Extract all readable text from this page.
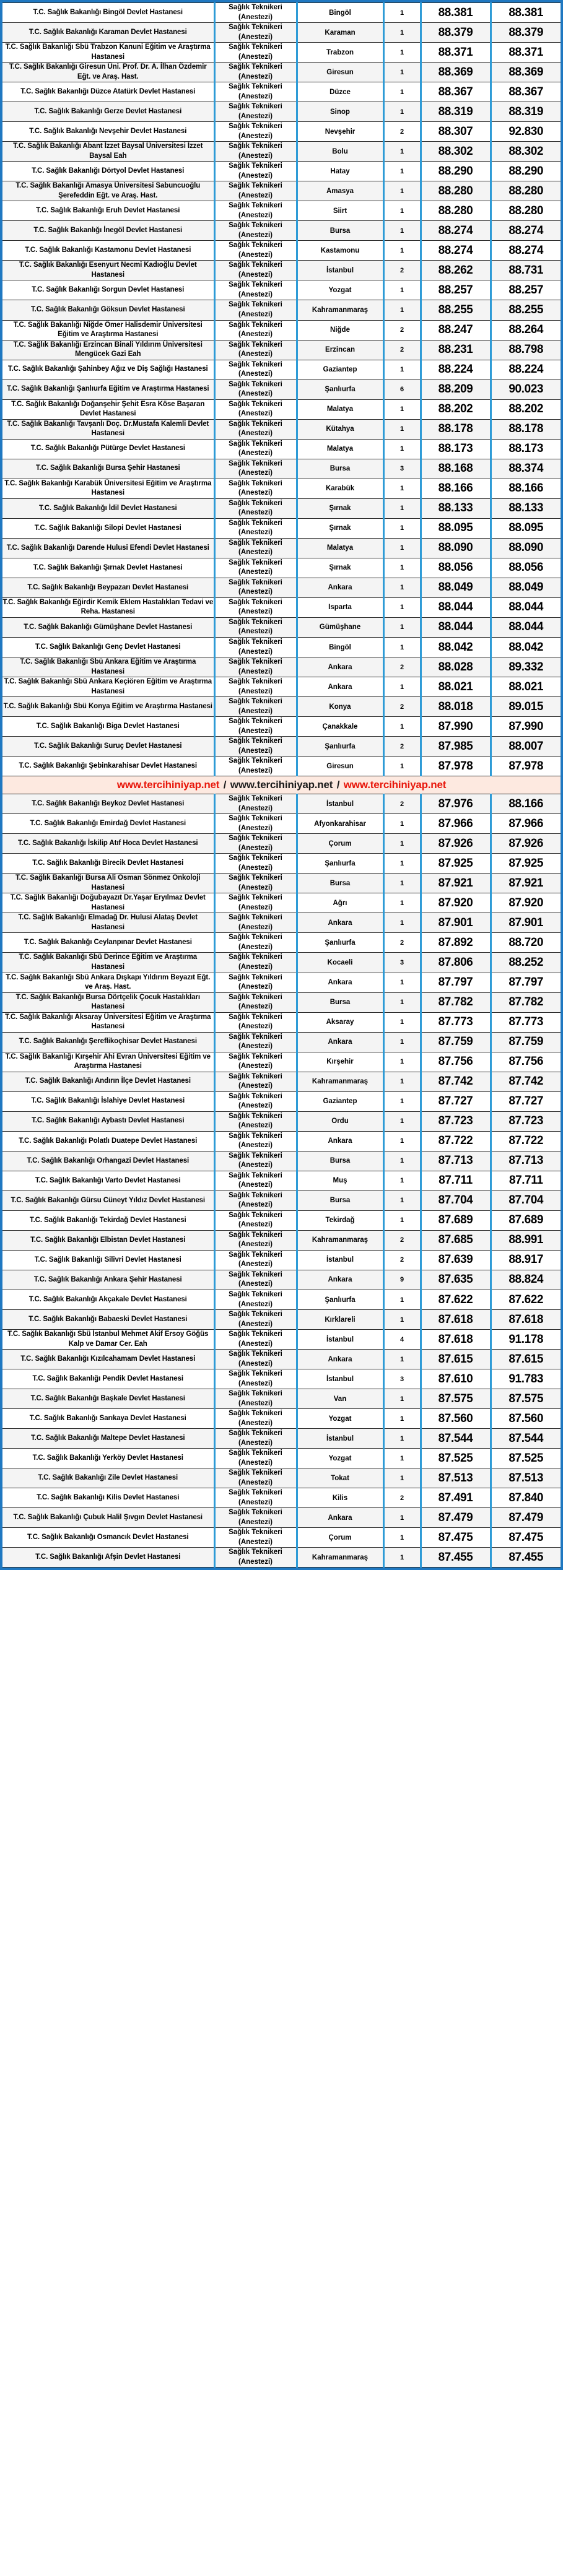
T.C. Sağlık Bakanlığı Bingöl Devlet Hastanesi	Sağlık Teknikeri (Anestezi)	Bingöl	1	88.381	88.381
T.C. Sağlık Bakanlığı Karaman Devlet Hastanesi	Sağlık Teknikeri (Anestezi)	Karaman	1	88.379	88.379
T.C. Sağlık Bakanlığı Sbü Trabzon Kanuni Eğitim ve Araştırma Hastanesi	Sağlık Teknikeri (Anestezi)	Trabzon	1	88.371	88.371
T.C. Sağlık Bakanlığı Giresun Üni. Prof. Dr. A. İlhan Özdemir Eğt. ve Araş. Hast.	Sağlık Teknikeri (Anestezi)	Giresun	1	88.369	88.369
T.C. Sağlık Bakanlığı Düzce Atatürk Devlet Hastanesi	Sağlık Teknikeri (Anestezi)	Düzce	1	88.367	88.367
T.C. Sağlık Bakanlığı Gerze Devlet Hastanesi	Sağlık Teknikeri (Anestezi)	Sinop	1	88.319	88.319
T.C. Sağlık Bakanlığı Nevşehir Devlet Hastanesi	Sağlık Teknikeri (Anestezi)	Nevşehir	2	88.307	92.830
T.C. Sağlık Bakanlığı Abant İzzet Baysal Üniversitesi İzzet Baysal Eah	Sağlık Teknikeri (Anestezi)	Bolu	1	88.302	88.302
T.C. Sağlık Bakanlığı Dörtyol Devlet Hastanesi	Sağlık Teknikeri (Anestezi)	Hatay	1	88.290	88.290
T.C. Sağlık Bakanlığı Amasya Üniversitesi Sabuncuoğlu Şerefeddin Eğt. ve Araş. Hast.	Sağlık Teknikeri (Anestezi)	Amasya	1	88.280	88.280
T.C. Sağlık Bakanlığı Eruh Devlet Hastanesi	Sağlık Teknikeri (Anestezi)	Siirt	1	88.280	88.280
T.C. Sağlık Bakanlığı İnegöl Devlet Hastanesi	Sağlık Teknikeri (Anestezi)	Bursa	1	88.274	88.274
T.C. Sağlık Bakanlığı Kastamonu Devlet Hastanesi	Sağlık Teknikeri (Anestezi)	Kastamonu	1	88.274	88.274
T.C. Sağlık Bakanlığı Esenyurt Necmi Kadıoğlu Devlet Hastanesi	Sağlık Teknikeri (Anestezi)	İstanbul	2	88.262	88.731
T.C. Sağlık Bakanlığı Sorgun Devlet Hastanesi	Sağlık Teknikeri (Anestezi)	Yozgat	1	88.257	88.257
T.C. Sağlık Bakanlığı Göksun Devlet Hastanesi	Sağlık Teknikeri (Anestezi)	Kahramanmaraş	1	88.255	88.255
T.C. Sağlık Bakanlığı Niğde Ömer Halisdemir Üniversitesi Eğitim ve Araştırma Hastanesi	Sağlık Teknikeri (Anestezi)	Niğde	2	88.247	88.264
T.C. Sağlık Bakanlığı Erzincan Binali Yıldırım Üniversitesi Mengücek Gazi Eah	Sağlık Teknikeri (Anestezi)	Erzincan	2	88.231	88.798
T.C. Sağlık Bakanlığı Şahinbey Ağız ve Diş Sağlığı Hastanesi	Sağlık Teknikeri (Anestezi)	Gaziantep	1	88.224	88.224
T.C. Sağlık Bakanlığı Şanlıurfa Eğitim ve Araştırma Hastanesi	Sağlık Teknikeri (Anestezi)	Şanlıurfa	6	88.209	90.023
T.C. Sağlık Bakanlığı Doğanşehir Şehit Esra Köse Başaran Devlet Hastanesi	Sağlık Teknikeri (Anestezi)	Malatya	1	88.202	88.202
T.C. Sağlık Bakanlığı Tavşanlı Doç. Dr.Mustafa Kalemli Devlet Hastanesi	Sağlık Teknikeri (Anestezi)	Kütahya	1	88.178	88.178
T.C. Sağlık Bakanlığı Pütürge Devlet Hastanesi	Sağlık Teknikeri (Anestezi)	Malatya	1	88.173	88.173
T.C. Sağlık Bakanlığı Bursa Şehir Hastanesi	Sağlık Teknikeri (Anestezi)	Bursa	3	88.168	88.374
T.C. Sağlık Bakanlığı Karabük Üniversitesi Eğitim ve Araştırma Hastanesi	Sağlık Teknikeri (Anestezi)	Karabük	1	88.166	88.166
T.C. Sağlık Bakanlığı İdil Devlet Hastanesi	Sağlık Teknikeri (Anestezi)	Şırnak	1	88.133	88.133
T.C. Sağlık Bakanlığı Silopi Devlet Hastanesi	Sağlık Teknikeri (Anestezi)	Şırnak	1	88.095	88.095
T.C. Sağlık Bakanlığı Darende Hulusi Efendi Devlet Hastanesi	Sağlık Teknikeri (Anestezi)	Malatya	1	88.090	88.090
T.C. Sağlık Bakanlığı Şırnak Devlet Hastanesi	Sağlık Teknikeri (Anestezi)	Şırnak	1	88.056	88.056
T.C. Sağlık Bakanlığı Beypazarı Devlet Hastanesi	Sağlık Teknikeri (Anestezi)	Ankara	1	88.049	88.049
T.C. Sağlık Bakanlığı Eğirdir Kemik Eklem Hastalıkları Tedavi ve Reha. Hastanesi	Sağlık Teknikeri (Anestezi)	Isparta	1	88.044	88.044
T.C. Sağlık Bakanlığı Gümüşhane Devlet Hastanesi	Sağlık Teknikeri (Anestezi)	Gümüşhane	1	88.044	88.044
T.C. Sağlık Bakanlığı Genç Devlet Hastanesi	Sağlık Teknikeri (Anestezi)	Bingöl	1	88.042	88.042
T.C. Sağlık Bakanlığı Sbü Ankara Eğitim ve Araştırma Hastanesi	Sağlık Teknikeri (Anestezi)	Ankara	2	88.028	89.332
T.C. Sağlık Bakanlığı Sbü Ankara Keçiören Eğitim ve Araştırma Hastanesi	Sağlık Teknikeri (Anestezi)	Ankara	1	88.021	88.021
T.C. Sağlık Bakanlığı Sbü Konya Eğitim ve Araştırma Hastanesi	Sağlık Teknikeri (Anestezi)	Konya	2	88.018	89.015
T.C. Sağlık Bakanlığı Biga Devlet Hastanesi	Sağlık Teknikeri (Anestezi)	Çanakkale	1	87.990	87.990
T.C. Sağlık Bakanlığı Suruç Devlet Hastanesi	Sağlık Teknikeri (Anestezi)	Şanlıurfa	2	87.985	88.007
T.C. Sağlık Bakanlığı Şebinkarahisar Devlet Hastanesi	Sağlık Teknikeri (Anestezi)	Giresun	1	87.978	87.978
www.tercihiniyap.net / www.tercihiniyap.net / www.tercihiniyap.net					
T.C. Sağlık Bakanlığı Beykoz Devlet Hastanesi	Sağlık Teknikeri (Anestezi)	İstanbul	2	87.976	88.166
T.C. Sağlık Bakanlığı Emirdağ Devlet Hastanesi	Sağlık Teknikeri (Anestezi)	Afyonkarahisar	1	87.966	87.966
T.C. Sağlık Bakanlığı İskilip Atıf Hoca Devlet Hastanesi	Sağlık Teknikeri (Anestezi)	Çorum	1	87.926	87.926
T.C. Sağlık Bakanlığı Birecik Devlet Hastanesi	Sağlık Teknikeri (Anestezi)	Şanlıurfa	1	87.925	87.925
T.C. Sağlık Bakanlığı Bursa Ali Osman Sönmez Onkoloji Hastanesi	Sağlık Teknikeri (Anestezi)	Bursa	1	87.921	87.921
T.C. Sağlık Bakanlığı Doğubayazıt Dr.Yaşar Eryılmaz Devlet Hastanesi	Sağlık Teknikeri (Anestezi)	Ağrı	1	87.920	87.920
T.C. Sağlık Bakanlığı Elmadağ Dr. Hulusi Alataş Devlet Hastanesi	Sağlık Teknikeri (Anestezi)	Ankara	1	87.901	87.901
T.C. Sağlık Bakanlığı Ceylanpınar Devlet Hastanesi	Sağlık Teknikeri (Anestezi)	Şanlıurfa	2	87.892	88.720
T.C. Sağlık Bakanlığı Sbü Derince Eğitim ve Araştırma Hastanesi	Sağlık Teknikeri (Anestezi)	Kocaeli	3	87.806	88.252
T.C. Sağlık Bakanlığı Sbü Ankara Dışkapı Yıldırım Beyazıt Eğt. ve Araş. Hast.	Sağlık Teknikeri (Anestezi)	Ankara	1	87.797	87.797
T.C. Sağlık Bakanlığı Bursa Dörtçelik Çocuk Hastalıkları Hastanesi	Sağlık Teknikeri (Anestezi)	Bursa	1	87.782	87.782
T.C. Sağlık Bakanlığı Aksaray Üniversitesi Eğitim ve Araştırma Hastanesi	Sağlık Teknikeri (Anestezi)	Aksaray	1	87.773	87.773
T.C. Sağlık Bakanlığı Şereflikoçhisar Devlet Hastanesi	Sağlık Teknikeri (Anestezi)	Ankara	1	87.759	87.759
T.C. Sağlık Bakanlığı Kırşehir Ahi Evran Üniversitesi Eğitim ve Araştırma Hastanesi	Sağlık Teknikeri (Anestezi)	Kırşehir	1	87.756	87.756
T.C. Sağlık Bakanlığı Andırın İlçe Devlet Hastanesi	Sağlık Teknikeri (Anestezi)	Kahramanmaraş	1	87.742	87.742
T.C. Sağlık Bakanlığı İslahiye Devlet Hastanesi	Sağlık Teknikeri (Anestezi)	Gaziantep	1	87.727	87.727
T.C. Sağlık Bakanlığı Aybastı Devlet Hastanesi	Sağlık Teknikeri (Anestezi)	Ordu	1	87.723	87.723
T.C. Sağlık Bakanlığı Polatlı Duatepe Devlet Hastanesi	Sağlık Teknikeri (Anestezi)	Ankara	1	87.722	87.722
T.C. Sağlık Bakanlığı Orhangazi Devlet Hastanesi	Sağlık Teknikeri (Anestezi)	Bursa	1	87.713	87.713
T.C. Sağlık Bakanlığı Varto Devlet Hastanesi	Sağlık Teknikeri (Anestezi)	Muş	1	87.711	87.711
T.C. Sağlık Bakanlığı Gürsu Cüneyt Yıldız Devlet Hastanesi	Sağlık Teknikeri (Anestezi)	Bursa	1	87.704	87.704
T.C. Sağlık Bakanlığı Tekirdağ Devlet Hastanesi	Sağlık Teknikeri (Anestezi)	Tekirdağ	1	87.689	87.689
T.C. Sağlık Bakanlığı Elbistan Devlet Hastanesi	Sağlık Teknikeri (Anestezi)	Kahramanmaraş	2	87.685	88.991
T.C. Sağlık Bakanlığı Silivri Devlet Hastanesi	Sağlık Teknikeri (Anestezi)	İstanbul	2	87.639	88.917
T.C. Sağlık Bakanlığı Ankara Şehir Hastanesi	Sağlık Teknikeri (Anestezi)	Ankara	9	87.635	88.824
T.C. Sağlık Bakanlığı Akçakale Devlet Hastanesi	Sağlık Teknikeri (Anestezi)	Şanlıurfa	1	87.622	87.622
T.C. Sağlık Bakanlığı Babaeski Devlet Hastanesi	Sağlık Teknikeri (Anestezi)	Kırklareli	1	87.618	87.618
T.C. Sağlık Bakanlığı Sbü İstanbul Mehmet Akif Ersoy Göğüs Kalp ve Damar Cer. Eah	Sağlık Teknikeri (Anestezi)	İstanbul	4	87.618	91.178
T.C. Sağlık Bakanlığı Kızılcahamam Devlet Hastanesi	Sağlık Teknikeri (Anestezi)	Ankara	1	87.615	87.615
T.C. Sağlık Bakanlığı Pendik Devlet Hastanesi	Sağlık Teknikeri (Anestezi)	İstanbul	3	87.610	91.783
T.C. Sağlık Bakanlığı Başkale Devlet Hastanesi	Sağlık Teknikeri (Anestezi)	Van	1	87.575	87.575
T.C. Sağlık Bakanlığı Sarıkaya Devlet Hastanesi	Sağlık Teknikeri (Anestezi)	Yozgat	1	87.560	87.560
T.C. Sağlık Bakanlığı Maltepe Devlet Hastanesi	Sağlık Teknikeri (Anestezi)	İstanbul	1	87.544	87.544
T.C. Sağlık Bakanlığı Yerköy Devlet Hastanesi	Sağlık Teknikeri (Anestezi)	Yozgat	1	87.525	87.525
T.C. Sağlık Bakanlığı Zile Devlet Hastanesi	Sağlık Teknikeri (Anestezi)	Tokat	1	87.513	87.513
T.C. Sağlık Bakanlığı Kilis Devlet Hastanesi	Sağlık Teknikeri (Anestezi)	Kilis	2	87.491	87.840
T.C. Sağlık Bakanlığı Çubuk Halil Şıvgın Devlet Hastanesi	Sağlık Teknikeri (Anestezi)	Ankara	1	87.479	87.479
T.C. Sağlık Bakanlığı Osmancık Devlet Hastanesi	Sağlık Teknikeri (Anestezi)	Çorum	1	87.475	87.475
T.C. Sağlık Bakanlığı Afşin Devlet Hastanesi	Sağlık Teknikeri (Anestezi)	Kahramanmaraş	1	87.455	87.455
